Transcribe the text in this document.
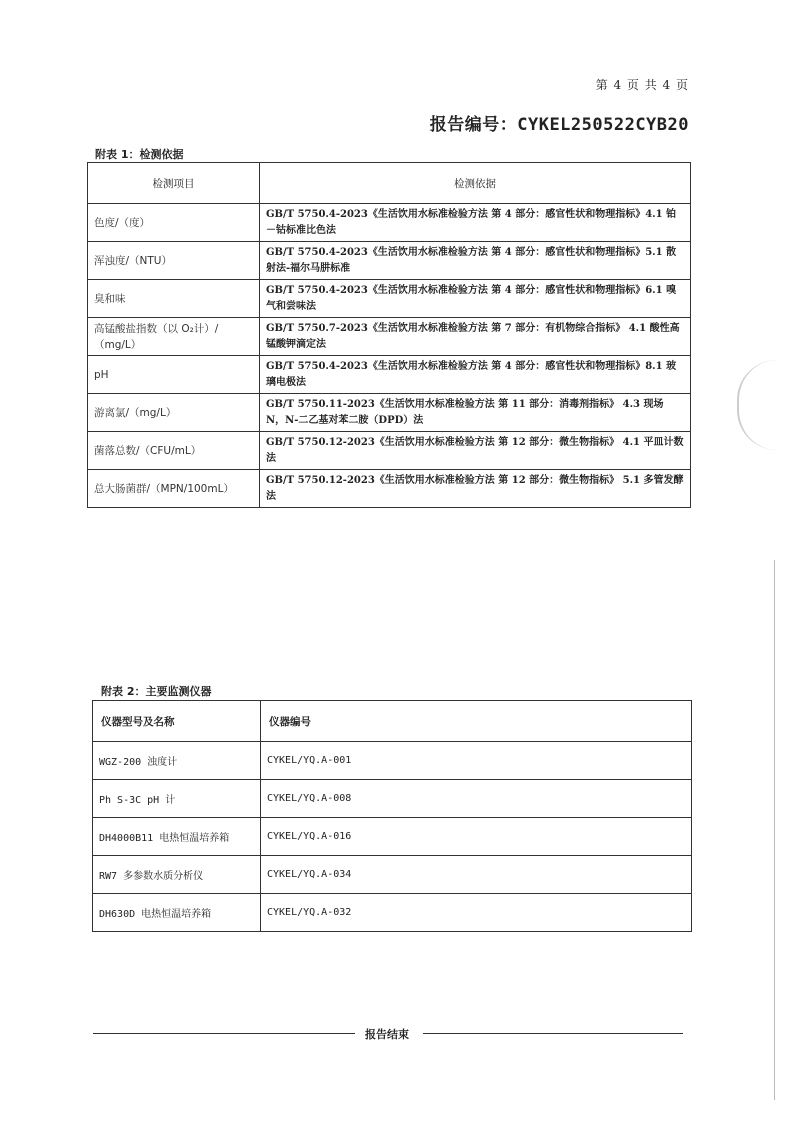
第 4 页 共 4 页
报告编号：CYKEL250522CYB20
附表 1：检测依据
检测项目	检测依据
色度/（度）	GB/T 5750.4-2023《生活饮用水标准检验方法 第 4 部分：感官性状和物理指标》4.1 铂－钴标准比色法
浑浊度/（NTU）	GB/T 5750.4-2023《生活饮用水标准检验方法 第 4 部分：感官性状和物理指标》5.1 散射法-福尔马肼标准
臭和味	GB/T 5750.4-2023《生活饮用水标准检验方法 第 4 部分：感官性状和物理指标》6.1 嗅气和尝味法
高锰酸盐指数（以 O₂计）/（mg/L）	GB/T 5750.7-2023《生活饮用水标准检验方法 第 7 部分：有机物综合指标》 4.1 酸性高锰酸钾滴定法
pH	GB/T 5750.4-2023《生活饮用水标准检验方法 第 4 部分：感官性状和物理指标》8.1 玻璃电极法
游离氯/（mg/L）	GB/T 5750.11-2023《生活饮用水标准检验方法 第 11 部分：消毒剂指标》 4.3 现场 N，N-二乙基对苯二胺（DPD）法
菌落总数/（CFU/mL）	GB/T 5750.12-2023《生活饮用水标准检验方法 第 12 部分：微生物指标》 4.1 平皿计数法
总大肠菌群/（MPN/100mL）	GB/T 5750.12-2023《生活饮用水标准检验方法 第 12 部分：微生物指标》 5.1 多管发酵法
附表 2：主要监测仪器
仪器型号及名称	仪器编号
WGZ-200 浊度计	CYKEL/YQ.A-001
Ph S-3C pH 计	CYKEL/YQ.A-008
DH4000B11 电热恒温培养箱	CYKEL/YQ.A-016
RW7 多参数水质分析仪	CYKEL/YQ.A-034
DH630D 电热恒温培养箱	CYKEL/YQ.A-032
报告结束
